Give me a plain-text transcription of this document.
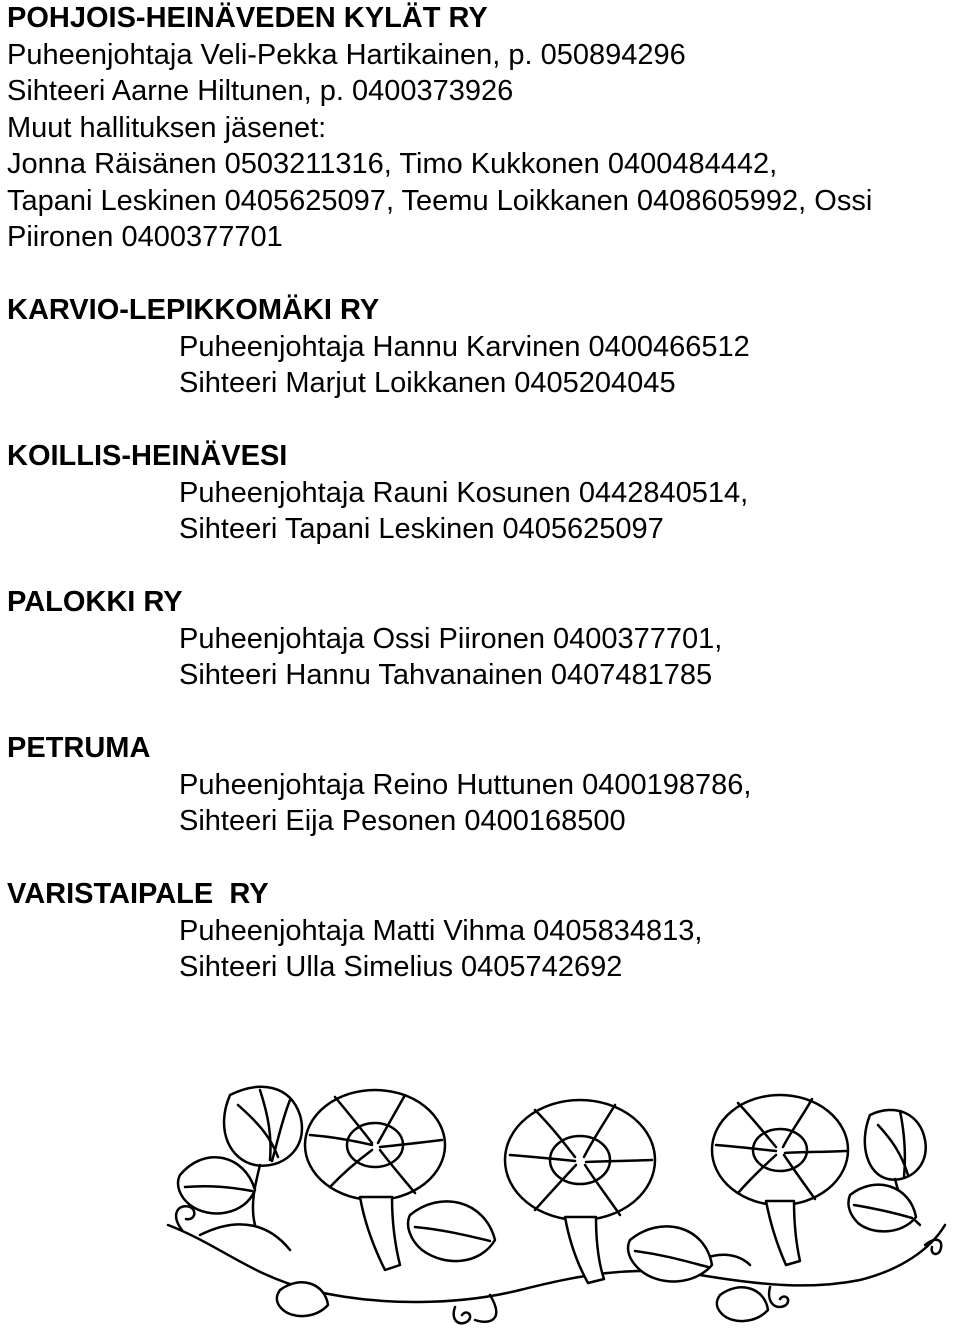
POHJOIS-HEINÄVEDEN KYLÄT RY
Puheenjohtaja Veli-Pekka Hartikainen, p. 050894296
Sihteeri Aarne Hiltunen, p. 0400373926
Muut hallituksen jäsenet:
Jonna Räisänen 0503211316, Timo Kukkonen 0400484442,
Tapani Leskinen 0405625097, Teemu Loikkanen 0408605992, Ossi
Piironen 0400377701
KARVIO-LEPIKKOMÄKI RY
Puheenjohtaja Hannu Karvinen 0400466512
Sihteeri Marjut Loikkanen 0405204045
KOILLIS-HEINÄVESI
Puheenjohtaja Rauni Kosunen 0442840514,
Sihteeri Tapani Leskinen 0405625097
PALOKKI RY
Puheenjohtaja Ossi Piironen 0400377701,
Sihteeri Hannu Tahvanainen 0407481785
PETRUMA
Puheenjohtaja Reino Huttunen 0400198786,
Sihteeri Eija Pesonen 0400168500
VARISTAIPALE  RY
Puheenjohtaja Matti Vihma 0405834813,
Sihteeri Ulla Simelius 0405742692
